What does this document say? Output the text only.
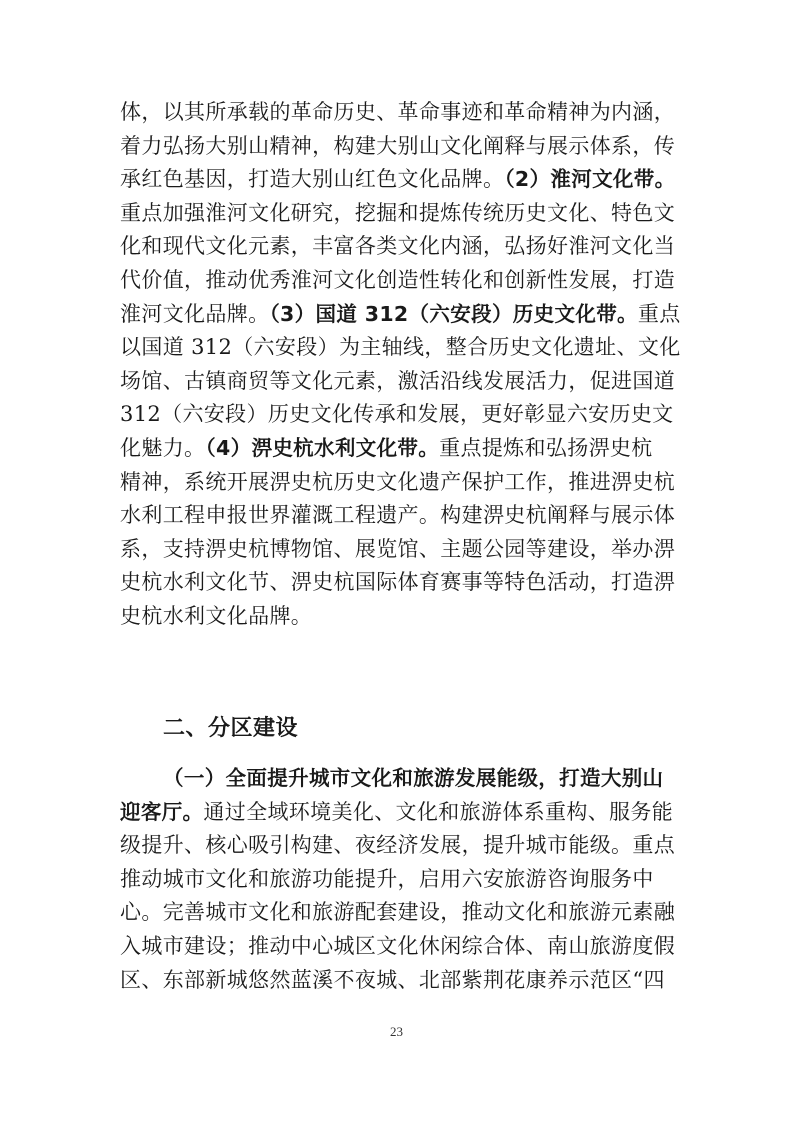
体，以其所承载的革命历史、革命事迹和革命精神为内涵，
着力弘扬大别山精神，构建大别山文化阐释与展示体系，传
承红色基因，打造大别山红色文化品牌。（2）淮河文化带。
重点加强淮河文化研究，挖掘和提炼传统历史文化、特色文
化和现代文化元素，丰富各类文化内涵，弘扬好淮河文化当
代价值，推动优秀淮河文化创造性转化和创新性发展，打造
淮河文化品牌。（3）国道 312（六安段）历史文化带。重点
以国道 312（六安段）为主轴线，整合历史文化遗址、文化
场馆、古镇商贸等文化元素，激活沿线发展活力，促进国道
312（六安段）历史文化传承和发展，更好彰显六安历史文
化魅力。（4）淠史杭水利文化带。重点提炼和弘扬淠史杭
精神，系统开展淠史杭历史文化遗产保护工作，推进淠史杭
水利工程申报世界灌溉工程遗产。构建淠史杭阐释与展示体
系，支持淠史杭博物馆、展览馆、主题公园等建设，举办淠
史杭水利文化节、淠史杭国际体育赛事等特色活动，打造淠
史杭水利文化品牌。
二、分区建设
（一）全面提升城市文化和旅游发展能级，打造大别山
迎客厅。通过全域环境美化、文化和旅游体系重构、服务能
级提升、核心吸引构建、夜经济发展，提升城市能级。重点
推动城市文化和旅游功能提升，启用六安旅游咨询服务中
心。完善城市文化和旅游配套建设，推动文化和旅游元素融
入城市建设；推动中心城区文化休闲综合体、南山旅游度假
区、东部新城悠然蓝溪不夜城、北部紫荆花康养示范区“四
23
